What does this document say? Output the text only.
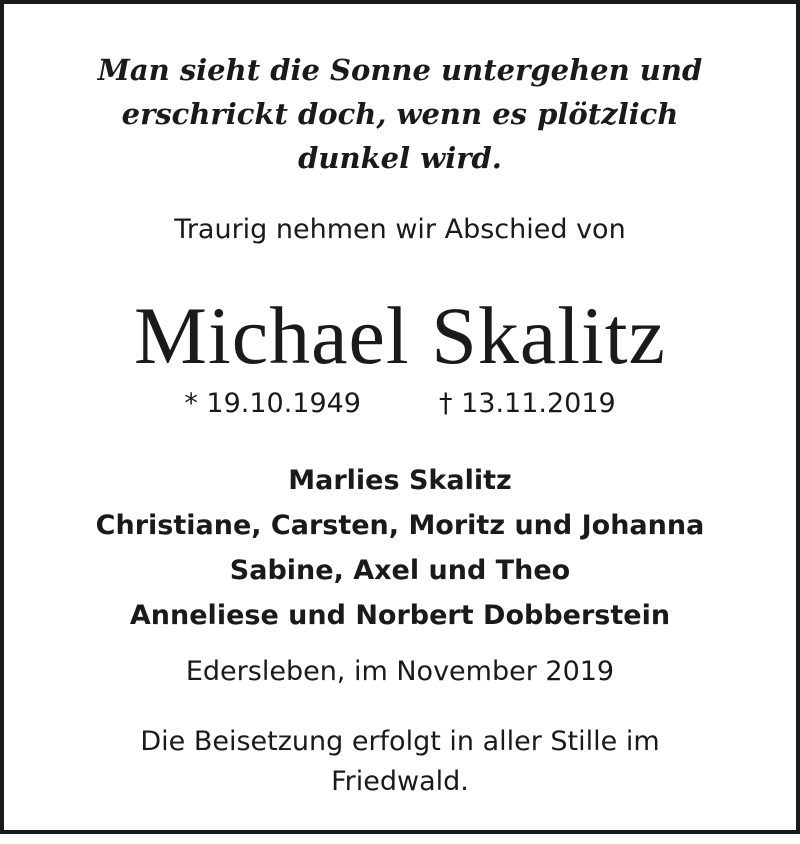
Man sieht die Sonne untergehen und
erschrickt doch, wenn es plötzlich
dunkel wird.
Traurig nehmen wir Abschied von
Michael Skalitz
* 19.10.1949	† 13.11.2019
Marlies Skalitz
Christiane, Carsten, Moritz und Johanna
Sabine, Axel und Theo
Anneliese und Norbert Dobberstein
Edersleben, im November 2019
Die Beisetzung erfolgt in aller Stille im
Friedwald.
